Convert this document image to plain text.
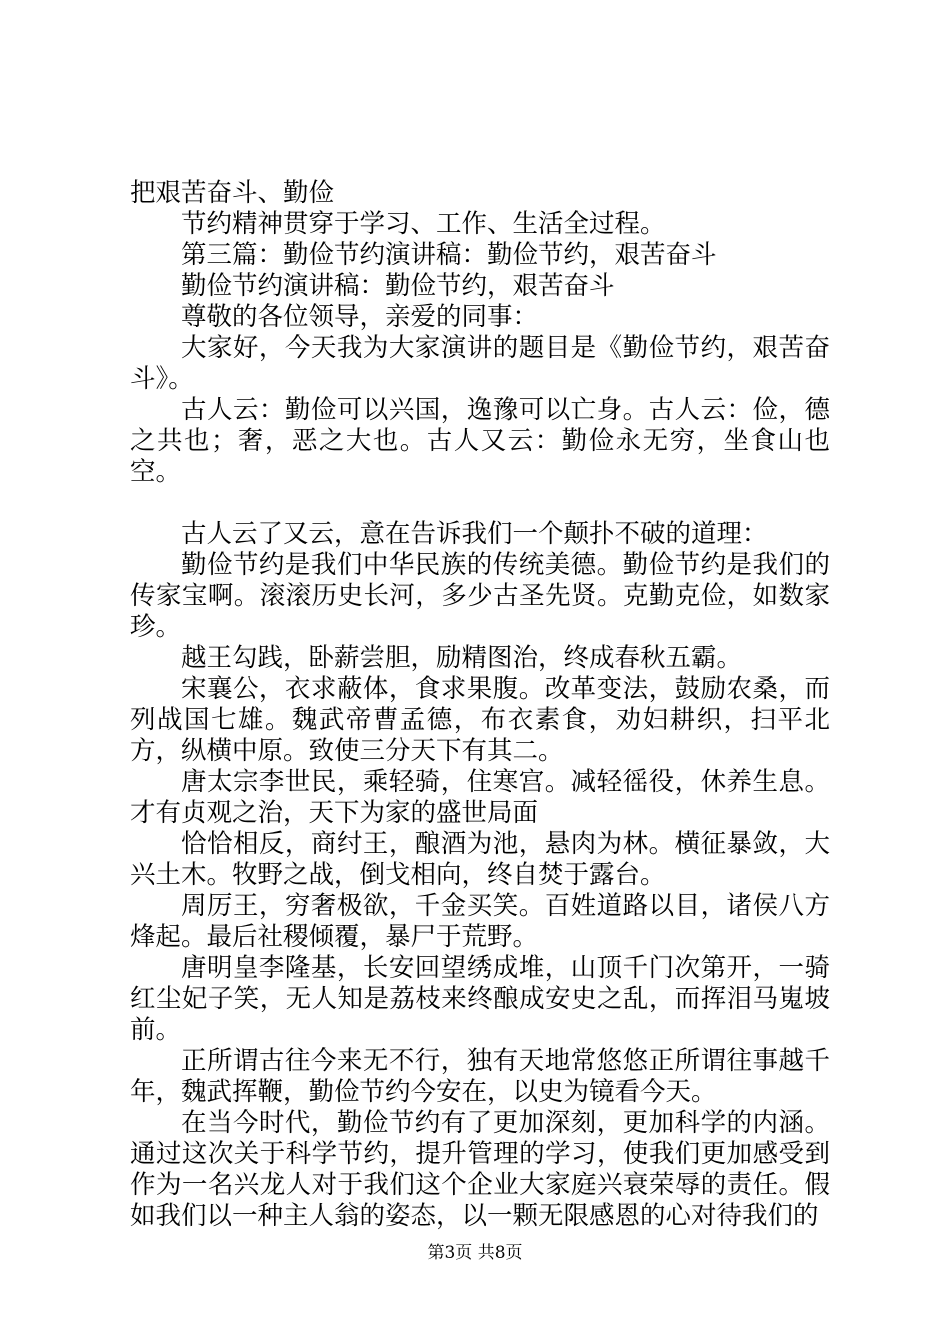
把艰苦奋斗、勤俭

节约精神贯穿于学习、工作、生活全过程。

第三篇：勤俭节约演讲稿：勤俭节约，艰苦奋斗

勤俭节约演讲稿：勤俭节约，艰苦奋斗

尊敬的各位领导，亲爱的同事：

大家好，今天我为大家演讲的题目是《勤俭节约，艰苦奋斗》。

古人云：勤俭可以兴国，逸豫可以亡身。古人云：俭，德之共也；奢，恶之大也。古人又云：勤俭永无穷，坐食山也空。

古人云了又云，意在告诉我们一个颠扑不破的道理：

勤俭节约是我们中华民族的传统美德。勤俭节约是我们的传家宝啊。滚滚历史长河，多少古圣先贤。克勤克俭，如数家珍。

越王勾践，卧薪尝胆，励精图治，终成春秋五霸。

宋襄公，衣求蔽体，食求果腹。改革变法，鼓励农桑，而列战国七雄。魏武帝曹孟德，布衣素食，劝妇耕织，扫平北方，纵横中原。致使三分天下有其二。

唐太宗李世民，乘轻骑，住寒宫。减轻徭役，休养生息。才有贞观之治，天下为家的盛世局面

恰恰相反，商纣王，酿酒为池，悬肉为林。横征暴敛，大兴土木。牧野之战，倒戈相向，终自焚于露台。

周厉王，穷奢极欲，千金买笑。百姓道路以目，诸侯八方烽起。最后社稷倾覆，暴尸于荒野。

唐明皇李隆基，长安回望绣成堆，山顶千门次第开，一骑红尘妃子笑，无人知是荔枝来终酿成安史之乱，而挥泪马嵬坡前。

正所谓古往今来无不行，独有天地常悠悠正所谓往事越千年，魏武挥鞭，勤俭节约今安在，以史为镜看今天。

在当今时代，勤俭节约有了更加深刻，更加科学的内涵。通过这次关于科学节约，提升管理的学习，使我们更加感受到作为一名兴龙人对于我们这个企业大家庭兴衰荣辱的责任。假如我们以一种主人翁的姿态，以一颗无限感恩的心对待我们的

第3页 共8页
